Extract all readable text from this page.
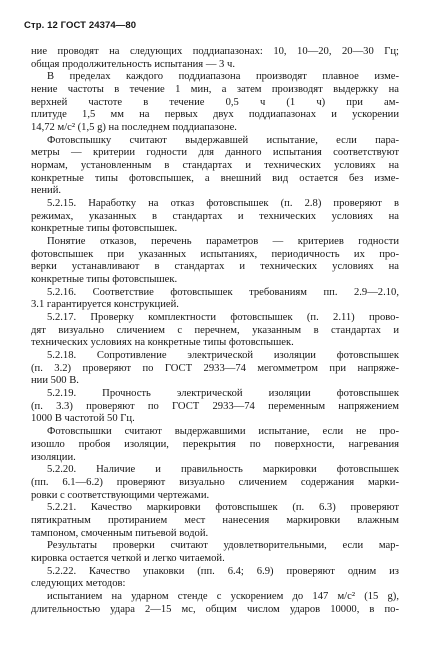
Стр. 12 ГОСТ 24374—80
ние проводят на следующих поддиапазонах: 10, 10—20, 20—30 Гц;
общая продолжительность испытания — 3 ч.
В пределах каждого поддиапазона производят плавное изме-
нение частоты в течение 1 мин, а затем производят выдержку на
верхней частоте в течение 0,5 ч (1 ч) при ам-
плитуде 1,5 мм на первых двух поддиапазонах и ускорении
14,72 м/с² (1,5 g) на последнем поддиапазоне.
Фотовспышку считают выдержавшей испытание, если пара-
метры — критерии годности для данного испытания соответствуют
нормам, установленным в стандартах и технических условиях на
конкретные типы фотовспышек, а внешний вид остается без изме-
нений.
5.2.15. Наработку на отказ фотовспышек (п. 2.8) проверяют в
режимах, указанных в стандартах и технических условиях на
конкретные типы фотовспышек.
Понятие отказов, перечень параметров — критериев годности
фотовспышек при указанных испытаниях, периодичность их про-
верки устанавливают в стандартах и технических условиях на
конкретные типы фотовспышек.
5.2.16. Соответствие фотовспышек требованиям пп. 2.9—2.10,
3.1 гарантируется конструкцией.
5.2.17. Проверку комплектности фотовспышек (п. 2.11) прово-
дят визуально сличением с перечнем, указанным в стандартах и
технических условиях на конкретные типы фотовспышек.
5.2.18. Сопротивление электрической изоляции фотовспышек
(п. 3.2) проверяют по ГОСТ 2933—74 мегомметром при напряже-
нии 500 В.
5.2.19. Прочность электрической изоляции фотовспышек
(п. 3.3) проверяют по ГОСТ 2933—74 переменным напряжением
1000 В частотой 50 Гц.
Фотовспышки считают выдержавшими испытание, если не про-
изошло пробоя изоляции, перекрытия по поверхности, нагревания
изоляции.
5.2.20. Наличие и правильность маркировки фотовспышек
(пп. 6.1—6.2) проверяют визуально сличением содержания марки-
ровки с соответствующими чертежами.
5.2.21. Качество маркировки фотовспышек (п. 6.3) проверяют
пятикратным протиранием мест нанесения маркировки влажным
тампоном, смоченным питьевой водой.
Результаты проверки считают удовлетворительными, если мар-
кировка остается четкой и легко читаемой.
5.2.22. Качество упаковки (пп. 6.4; 6.9) проверяют одним из
следующих методов:
испытанием на ударном стенде с ускорением до 147 м/с² (15 g),
длительностью удара 2—15 мс, общим числом ударов 10000, в по-
